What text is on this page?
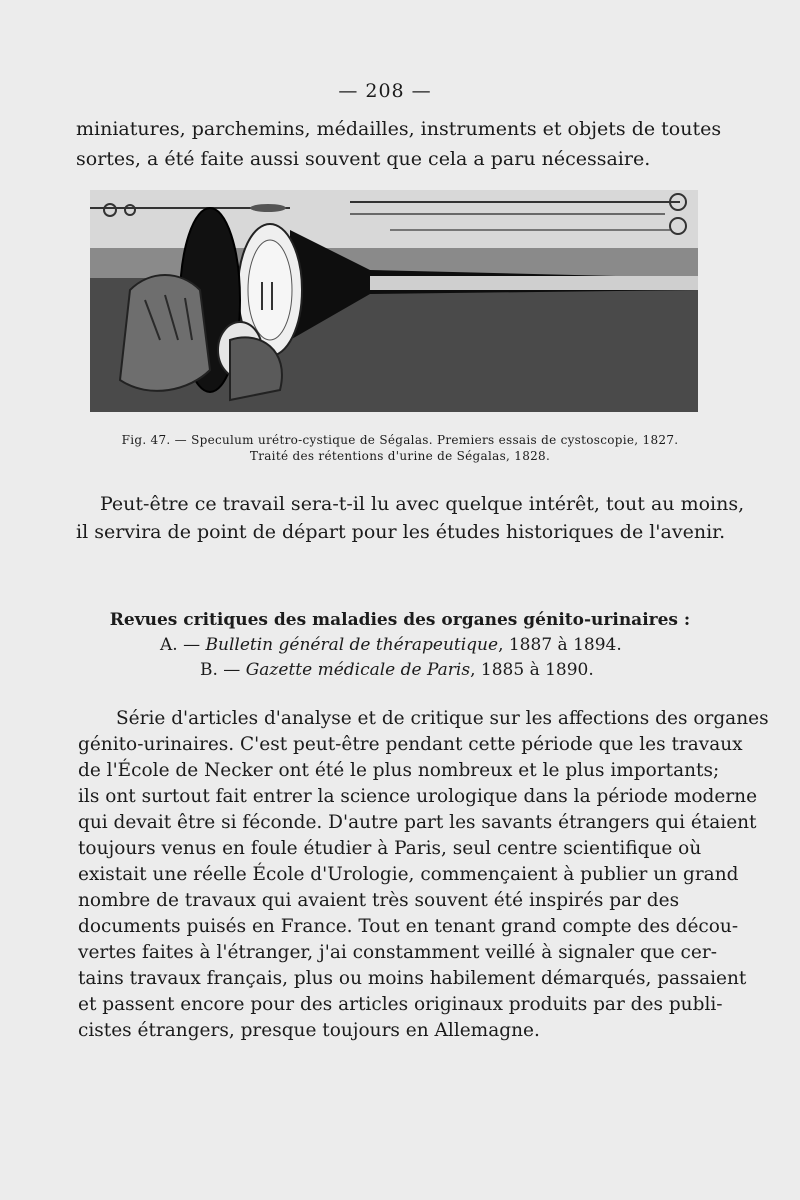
— 208 —
miniatures, parchemins, médailles, instruments et objets de toutes
sortes, a été faite aussi souvent que cela a paru nécessaire.
Fig. 47. — Speculum urétro-cystique de Ségalas. Premiers essais de cystoscopie, 1827.
Traité des rétentions d'urine de Ségalas, 1828.
Peut-être ce travail sera-t-il lu avec quelque intérêt, tout au moins,
il servira de point de départ pour les études historiques de l'avenir.
Revues critiques des maladies des organes génito-urinaires :
A. — Bulletin général de thérapeutique, 1887 à 1894.
B. — Gazette médicale de Paris, 1885 à 1890.
Série d'articles d'analyse et de critique sur les affections des organes
génito-urinaires. C'est peut-être pendant cette période que les travaux
de l'École de Necker ont été le plus nombreux et le plus importants;
ils ont surtout fait entrer la science urologique dans la période moderne
qui devait être si féconde. D'autre part les savants étrangers qui étaient
toujours venus en foule étudier à Paris, seul centre scientifique où
existait une réelle École d'Urologie, commençaient à publier un grand
nombre de travaux qui avaient très souvent été inspirés par des
documents puisés en France. Tout en tenant grand compte des décou-
vertes faites à l'étranger, j'ai constamment veillé à signaler que cer-
tains travaux français, plus ou moins habilement démarqués, passaient
et passent encore pour des articles originaux produits par des publi-
cistes étrangers, presque toujours en Allemagne.
